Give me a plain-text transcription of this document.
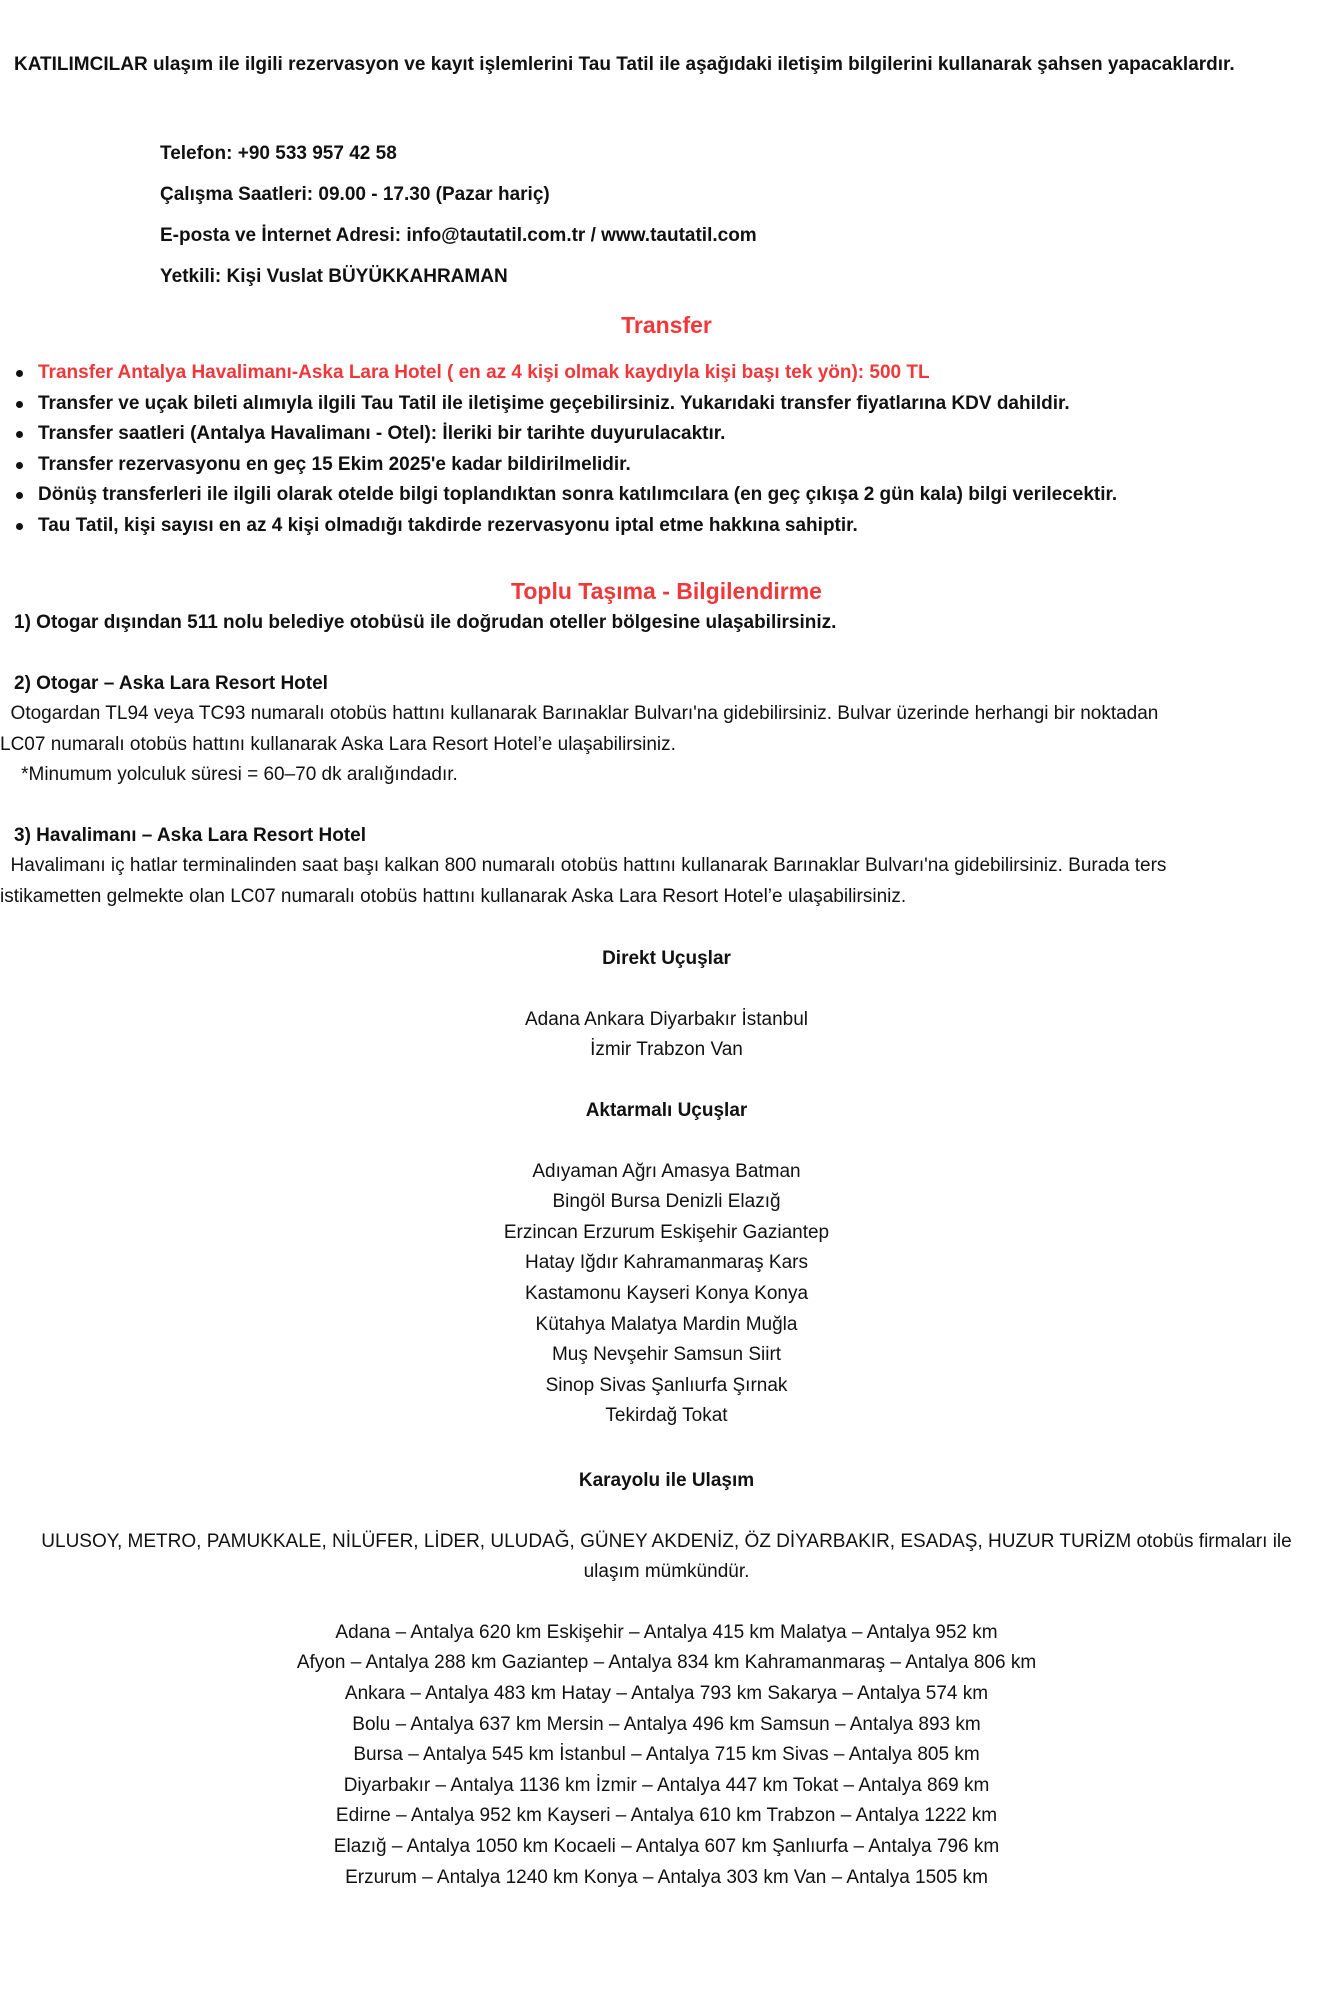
KATILIMCILAR ulaşım ile ilgili rezervasyon ve kayıt işlemlerini Tau Tatil ile aşağıdaki iletişim bilgilerini kullanarak şahsen yapacaklardır.

Telefon: +90 533 957 42 58

Çalışma Saatleri: 09.00 - 17.30 (Pazar hariç)

E-posta ve İnternet Adresi: info@tautatil.com.tr / www.tautatil.com

Yetkili: Kişi Vuslat BÜYÜKKAHRAMAN

Transfer
Transfer Antalya Havalimanı-Aska Lara Hotel ( en az 4 kişi olmak kaydıyla kişi başı tek yön): 500 TL
Transfer ve uçak bileti alımıyla ilgili Tau Tatil ile iletişime geçebilirsiniz. Yukarıdaki transfer fiyatlarına KDV dahildir.
Transfer saatleri (Antalya Havalimanı - Otel): İleriki bir tarihte duyurulacaktır.
Transfer rezervasyonu en geç 15 Ekim 2025'e kadar bildirilmelidir.
Dönüş transferleri ile ilgili olarak otelde bilgi toplandıktan sonra katılımcılara (en geç çıkışa 2 gün kala) bilgi verilecektir.
Tau Tatil, kişi sayısı en az 4 kişi olmadığı takdirde rezervasyonu iptal etme hakkına sahiptir.
Toplu Taşıma - Bilgilendirme
1) Otogar dışından 511 nolu belediye otobüsü ile doğrudan oteller bölgesine ulaşabilirsiniz.
2) Otogar – Aska Lara Resort Hotel
Otogardan TL94 veya TC93 numaralı otobüs hattını kullanarak Barınaklar Bulvarı'na gidebilirsiniz. Bulvar üzerinde herhangi bir noktadan
LC07 numaralı otobüs hattını kullanarak Aska Lara Resort Hotel’e ulaşabilirsiniz.
*Minumum yolculuk süresi = 60–70 dk aralığındadır.
3) Havalimanı – Aska Lara Resort Hotel
Havalimanı iç hatlar terminalinden saat başı kalkan 800 numaralı otobüs hattını kullanarak Barınaklar Bulvarı'na gidebilirsiniz. Burada ters
istikametten gelmekte olan LC07 numaralı otobüs hattını kullanarak Aska Lara Resort Hotel’e ulaşabilirsiniz.
Direkt Uçuşlar
Adana Ankara Diyarbakır İstanbul
İzmir Trabzon Van
Aktarmalı Uçuşlar
Adıyaman Ağrı Amasya Batman
Bingöl Bursa Denizli Elazığ
Erzincan Erzurum Eskişehir Gaziantep
Hatay Iğdır Kahramanmaraş Kars
Kastamonu Kayseri Konya Konya
Kütahya Malatya Mardin Muğla
Muş Nevşehir Samsun Siirt
Sinop Sivas Şanlıurfa Şırnak
Tekirdağ Tokat
Karayolu ile Ulaşım
ULUSOY, METRO, PAMUKKALE, NİLÜFER, LİDER, ULUDAĞ, GÜNEY AKDENİZ, ÖZ DİYARBAKIR, ESADAŞ, HUZUR TURİZM otobüs firmaları ile
ulaşım mümkündür.
Adana – Antalya 620 km Eskişehir – Antalya 415 km Malatya – Antalya 952 km
Afyon – Antalya 288 km Gaziantep – Antalya 834 km Kahramanmaraş – Antalya 806 km
Ankara – Antalya 483 km Hatay – Antalya 793 km Sakarya – Antalya 574 km
Bolu – Antalya 637 km Mersin – Antalya 496 km Samsun – Antalya 893 km
Bursa – Antalya 545 km İstanbul – Antalya 715 km Sivas – Antalya 805 km
Diyarbakır – Antalya 1136 km İzmir – Antalya 447 km Tokat – Antalya 869 km
Edirne – Antalya 952 km Kayseri – Antalya 610 km Trabzon – Antalya 1222 km
Elazığ – Antalya 1050 km Kocaeli – Antalya 607 km Şanlıurfa – Antalya 796 km
Erzurum – Antalya 1240 km Konya – Antalya 303 km Van – Antalya 1505 km
